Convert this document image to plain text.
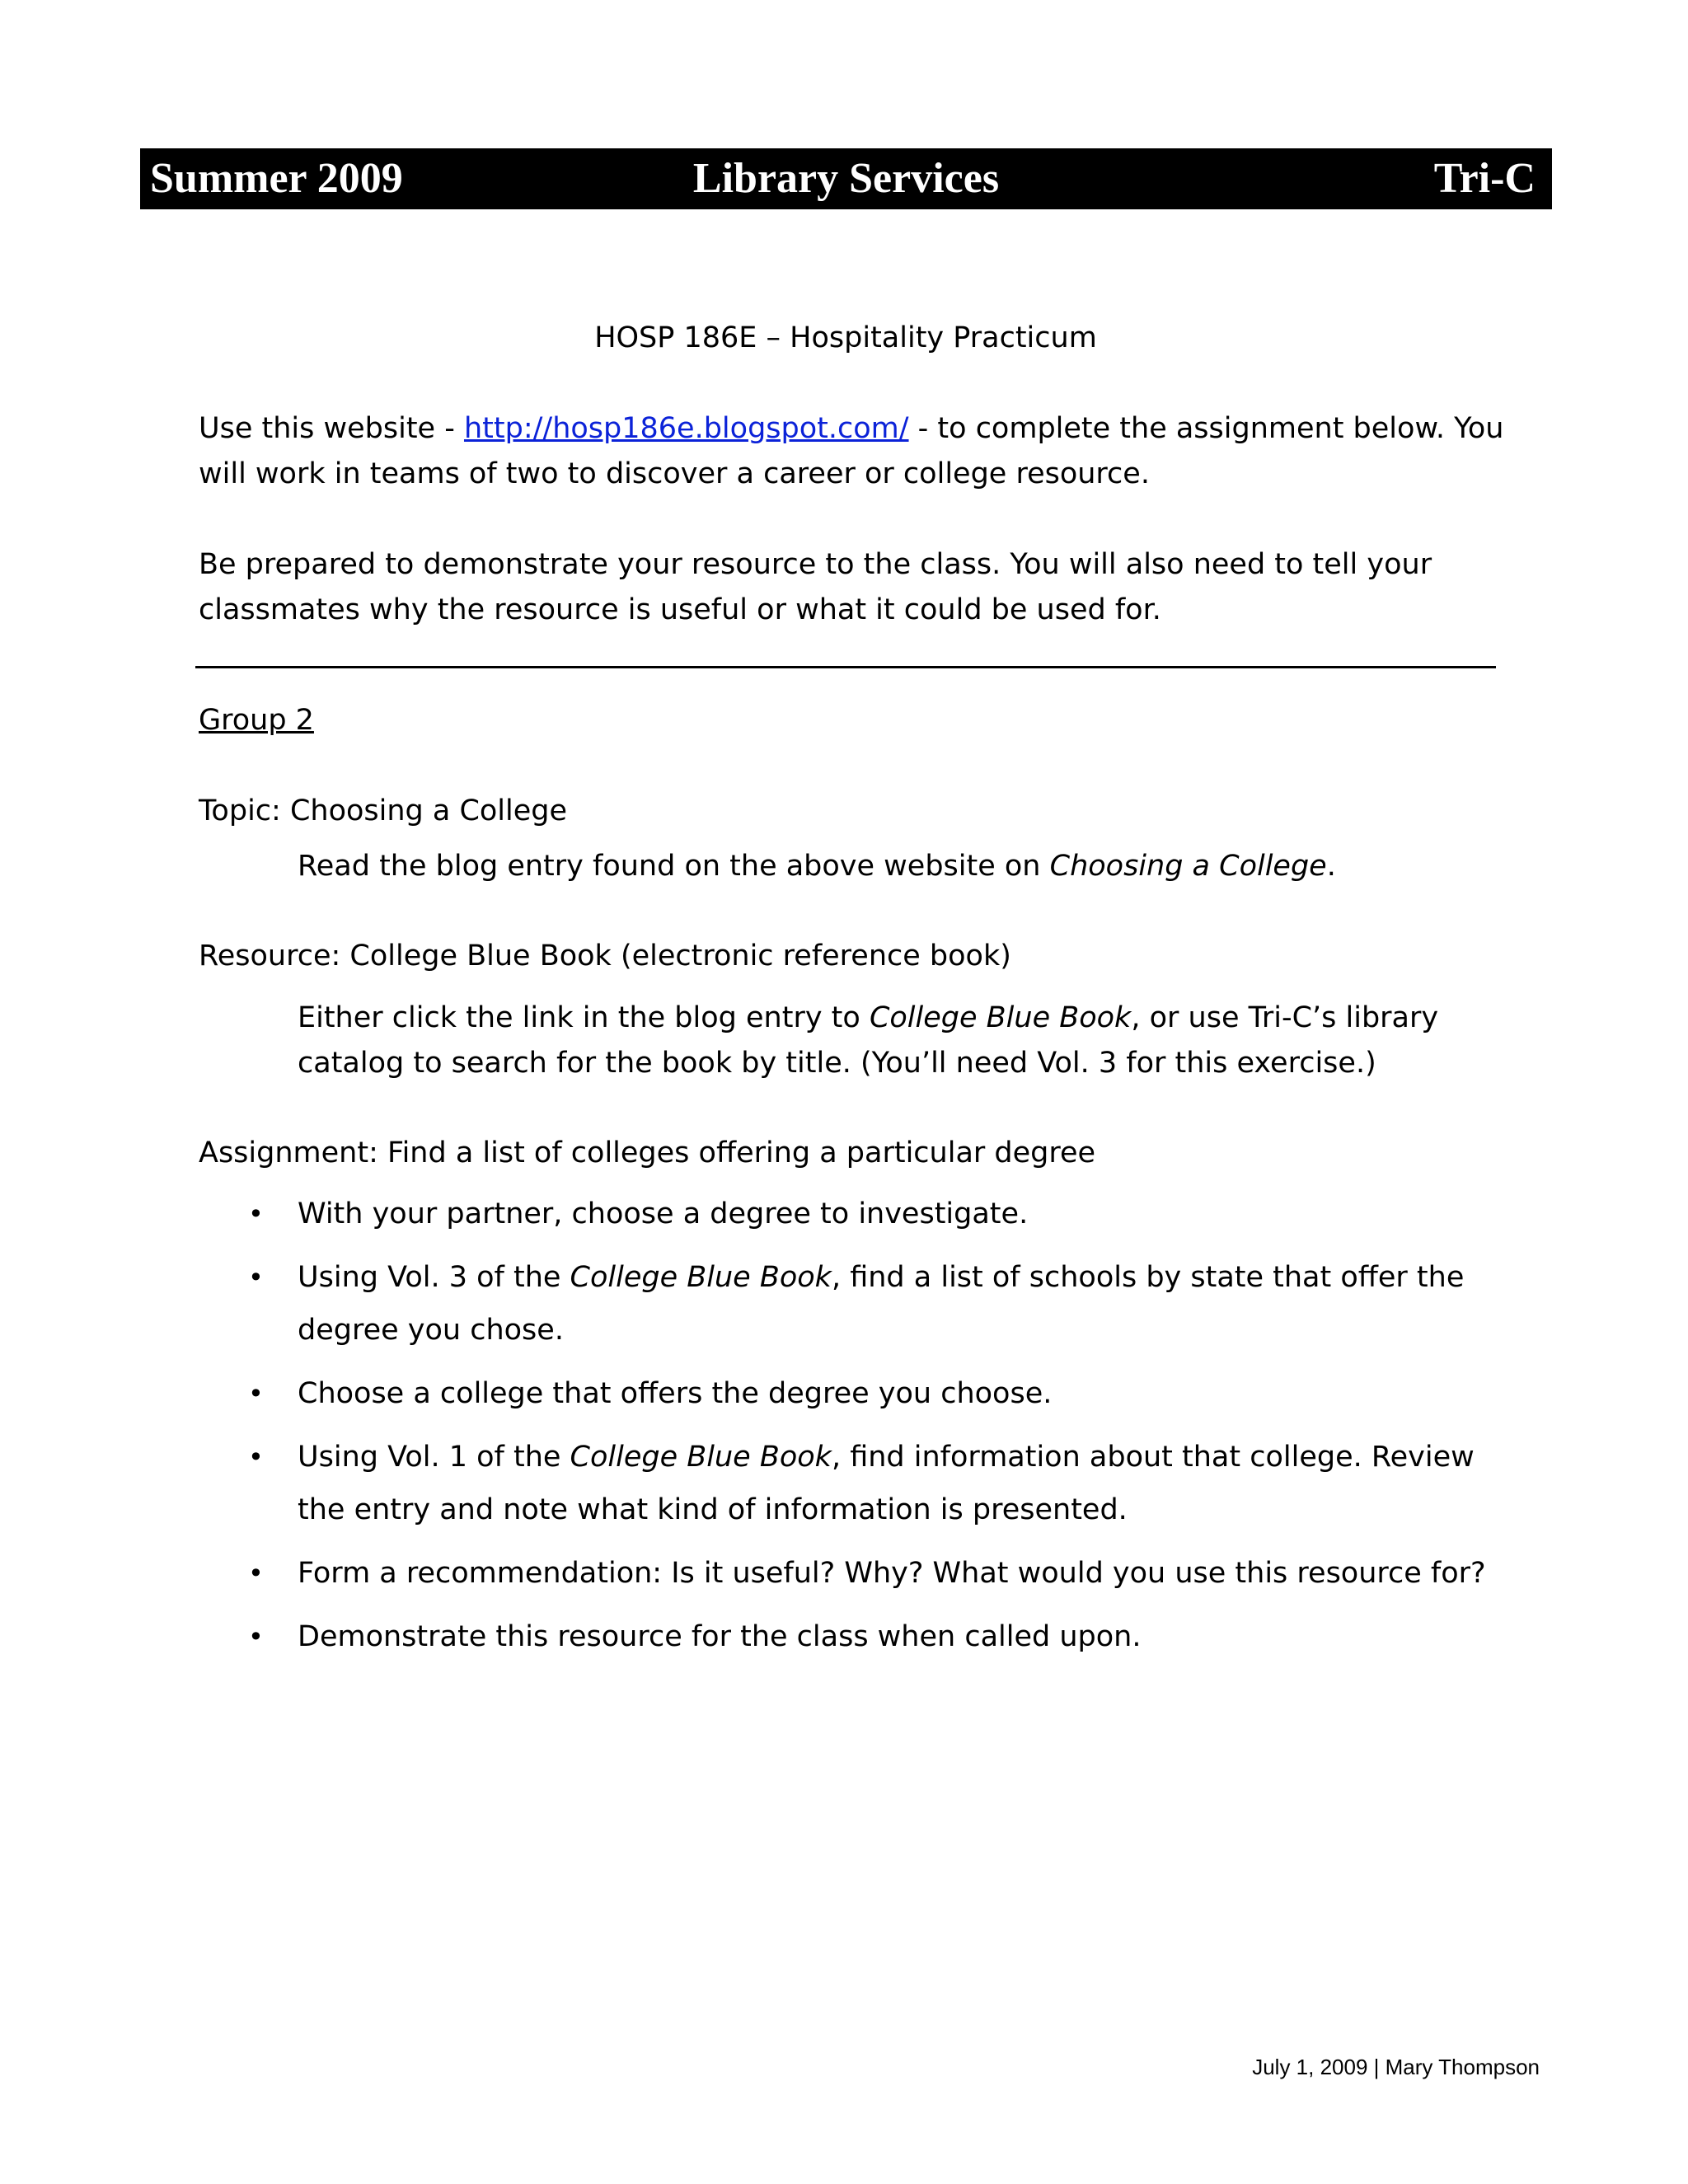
Summer 2009	Library Services	Tri-C

HOSP 186E – Hospitality Practicum

Use this website - http://hosp186e.blogspot.com/ - to complete the assignment below. You will work in teams of two to discover a career or college resource.

Be prepared to demonstrate your resource to the class. You will also need to tell your classmates why the resource is useful or what it could be used for.

Group 2

Topic: Choosing a College

Read the blog entry found on the above website on Choosing a College.

Resource: College Blue Book (electronic reference book)

Either click the link in the blog entry to College Blue Book, or use Tri-C’s library catalog to search for the book by title. (You’ll need Vol. 3 for this exercise.)

Assignment: Find a list of colleges offering a particular degree

• With your partner, choose a degree to investigate.
• Using Vol. 3 of the College Blue Book, find a list of schools by state that offer the degree you chose.
• Choose a college that offers the degree you choose.
• Using Vol. 1 of the College Blue Book, find information about that college. Review the entry and note what kind of information is presented.
• Form a recommendation: Is it useful? Why? What would you use this resource for?
• Demonstrate this resource for the class when called upon.
July 1, 2009 | Mary Thompson
